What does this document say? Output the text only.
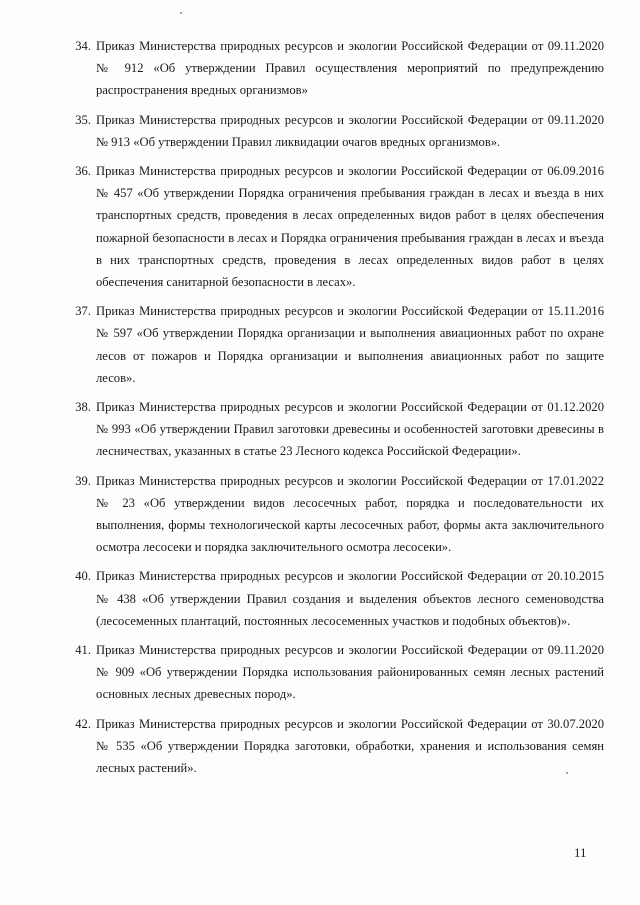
34. Приказ Министерства природных ресурсов и экологии Российской Федерации от 09.11.2020 № 912 «Об утверждении Правил осуществления мероприятий по предупреждению распространения вредных организмов»
35. Приказ Министерства природных ресурсов и экологии Российской Федерации от 09.11.2020 № 913 «Об утверждении Правил ликвидации очагов вредных организмов».
36. Приказ Министерства природных ресурсов и экологии Российской Федерации от 06.09.2016 № 457 «Об утверждении Порядка ограничения пребывания граждан в лесах и въезда в них транспортных средств, проведения в лесах определенных видов работ в целях обеспечения пожарной безопасности в лесах и Порядка ограничения пребывания граждан в лесах и въезда в них транспортных средств, проведения в лесах определенных видов работ в целях обеспечения санитарной безопасности в лесах».
37. Приказ Министерства природных ресурсов и экологии Российской Федерации от 15.11.2016 № 597 «Об утверждении Порядка организации и выполнения авиационных работ по охране лесов от пожаров и Порядка организации и выполнения авиационных работ по защите лесов».
38. Приказ Министерства природных ресурсов и экологии Российской Федерации от 01.12.2020 № 993 «Об утверждении Правил заготовки древесины и особенностей заготовки древесины в лесничествах, указанных в статье 23 Лесного кодекса Российской Федерации».
39. Приказ Министерства природных ресурсов и экологии Российской Федерации от 17.01.2022 № 23 «Об утверждении видов лесосечных работ, порядка и последовательности их выполнения, формы технологической карты лесосечных работ, формы акта заключительного осмотра лесосеки и порядка заключительного осмотра лесосеки».
40. Приказ Министерства природных ресурсов и экологии Российской Федерации от 20.10.2015 № 438 «Об утверждении Правил создания и выделения объектов лесного семеноводства (лесосеменных плантаций, постоянных лесосеменных участков и подобных объектов)».
41. Приказ Министерства природных ресурсов и экологии Российской Федерации от 09.11.2020 № 909 «Об утверждении Порядка использования районированных семян лесных растений основных лесных древесных пород».
42. Приказ Министерства природных ресурсов и экологии Российской Федерации от 30.07.2020 № 535 «Об утверждении Порядка заготовки, обработки, хранения и использования семян лесных растений».
11
